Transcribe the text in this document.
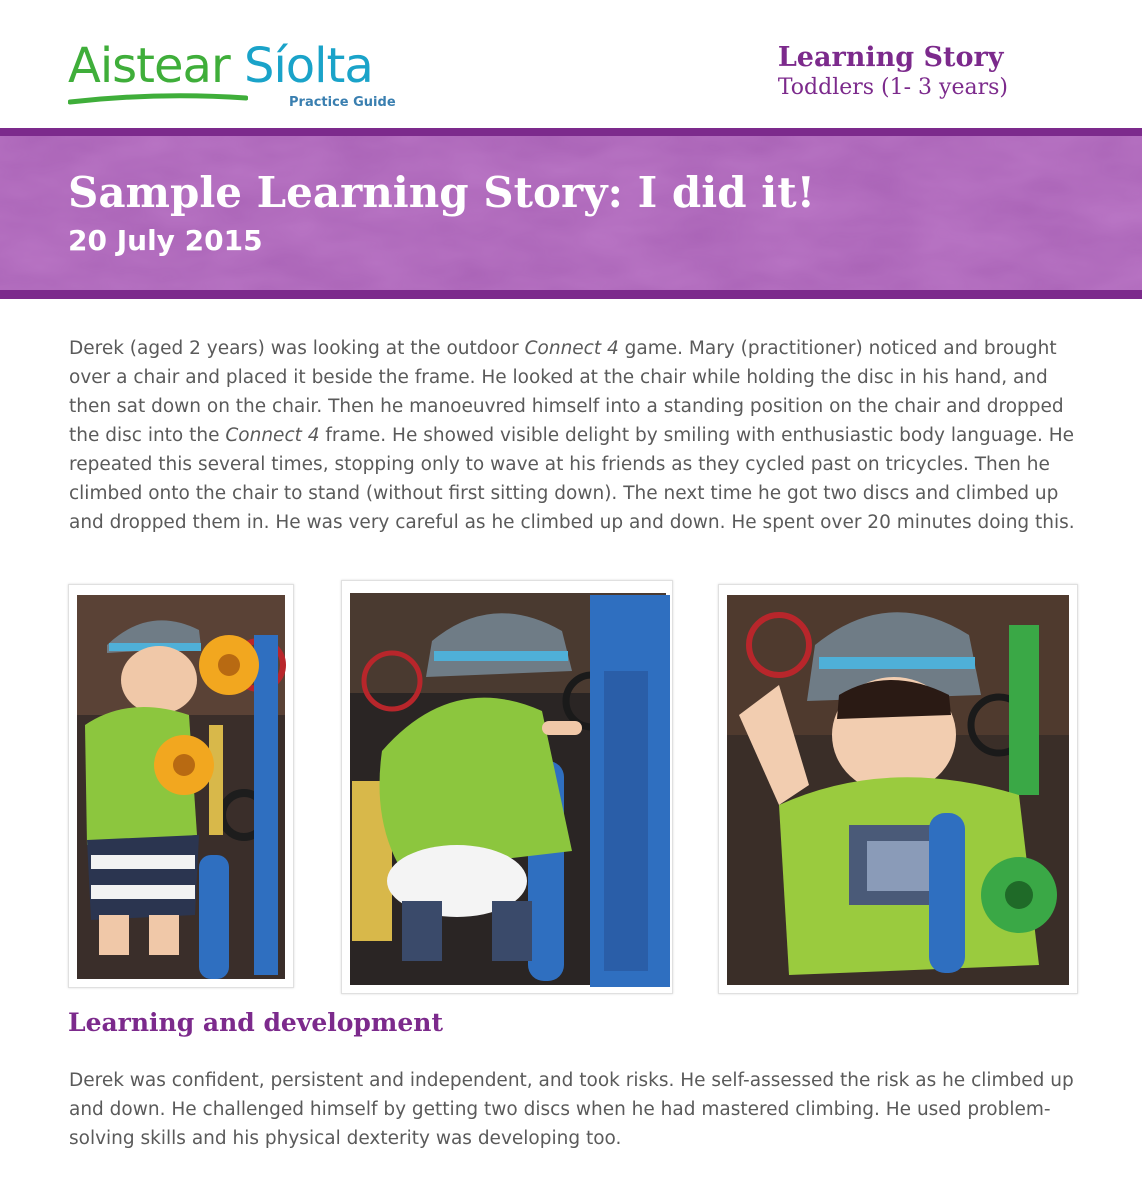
Aistear Síolta
Practice Guide
Learning Story
Toddlers (1- 3 years)
Sample Learning Story: I did it!
20 July 2015

Derek (aged 2 years) was looking at the outdoor Connect 4 game. Mary (practitioner) noticed and brought over a chair and placed it beside the frame. He looked at the chair while holding the disc in his hand, and then sat down on the chair. Then he manoeuvred himself into a standing position on the chair and dropped the disc into the Connect 4 frame. He showed visible delight by smiling with enthusiastic body language. He repeated this several times, stopping only to wave at his friends as they cycled past on tricycles. Then he climbed onto the chair to stand (without first sitting down). The next time he got two discs and climbed up and dropped them in. He was very careful as he climbed up and down. He spent over 20 minutes doing this.

Learning and development

Derek was confident, persistent and independent, and took risks. He self-assessed the risk as he climbed up and down. He challenged himself by getting two discs when he had mastered climbing. He used problem-solving skills and his physical dexterity was developing too.
